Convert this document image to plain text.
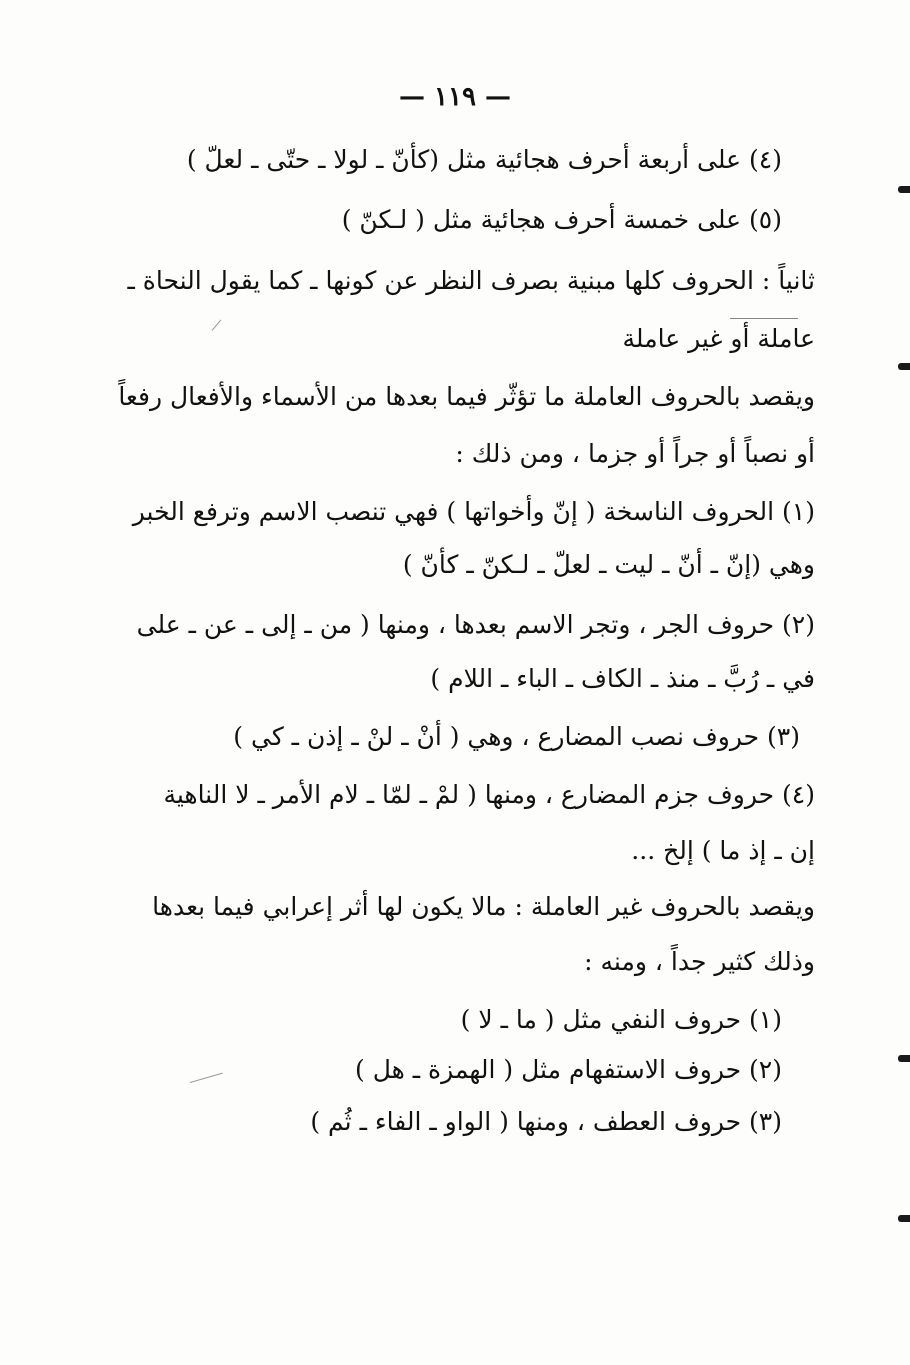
— ١١٩ —
(٤) على أربعة أحرف هجائية مثل (كأنّ ـ لولا ـ حتّى ـ لعلّ )
(٥) على خمسة أحرف هجائية مثل ( لـكنّ )
ثانياً : الحروف كلها مبنية بصرف النظر عن كونها ـ كما يقول النحاة ـ
عاملة أو غير عاملة
ويقصد بالحروف العاملة ما تؤثّر فيما بعدها من الأسماء والأفعال رفعاً
أو نصباً أو جراً أو جزما ، ومن ذلك :
(١) الحروف الناسخة ( إنّ وأخواتها ) فهي تنصب الاسم وترفع الخبر
وهي (إنّ ـ أنّ ـ ليت ـ لعلّ ـ لـكنّ ـ كأنّ )
(٢) حروف الجر ، وتجر الاسم بعدها ، ومنها ( من ـ إلى ـ عن ـ على
في ـ رُبَّ ـ منذ ـ الكاف ـ الباء ـ اللام )
(٣) حروف نصب المضارع ، وهي ( أنْ ـ لنْ ـ إذن ـ كي )
(٤) حروف جزم المضارع ، ومنها ( لمْ ـ لمّا ـ لام الأمر ـ لا الناهية
إن ـ إذ ما ) إلخ ...
ويقصد بالحروف غير العاملة : مالا يكون لها أثر إعرابي فيما بعدها
وذلك كثير جداً ، ومنه :
(١) حروف النفي مثل ( ما ـ لا )
(٢) حروف الاستفهام مثل ( الهمزة ـ هل )
(٣) حروف العطف ، ومنها ( الواو ـ الفاء ـ ثُم )
